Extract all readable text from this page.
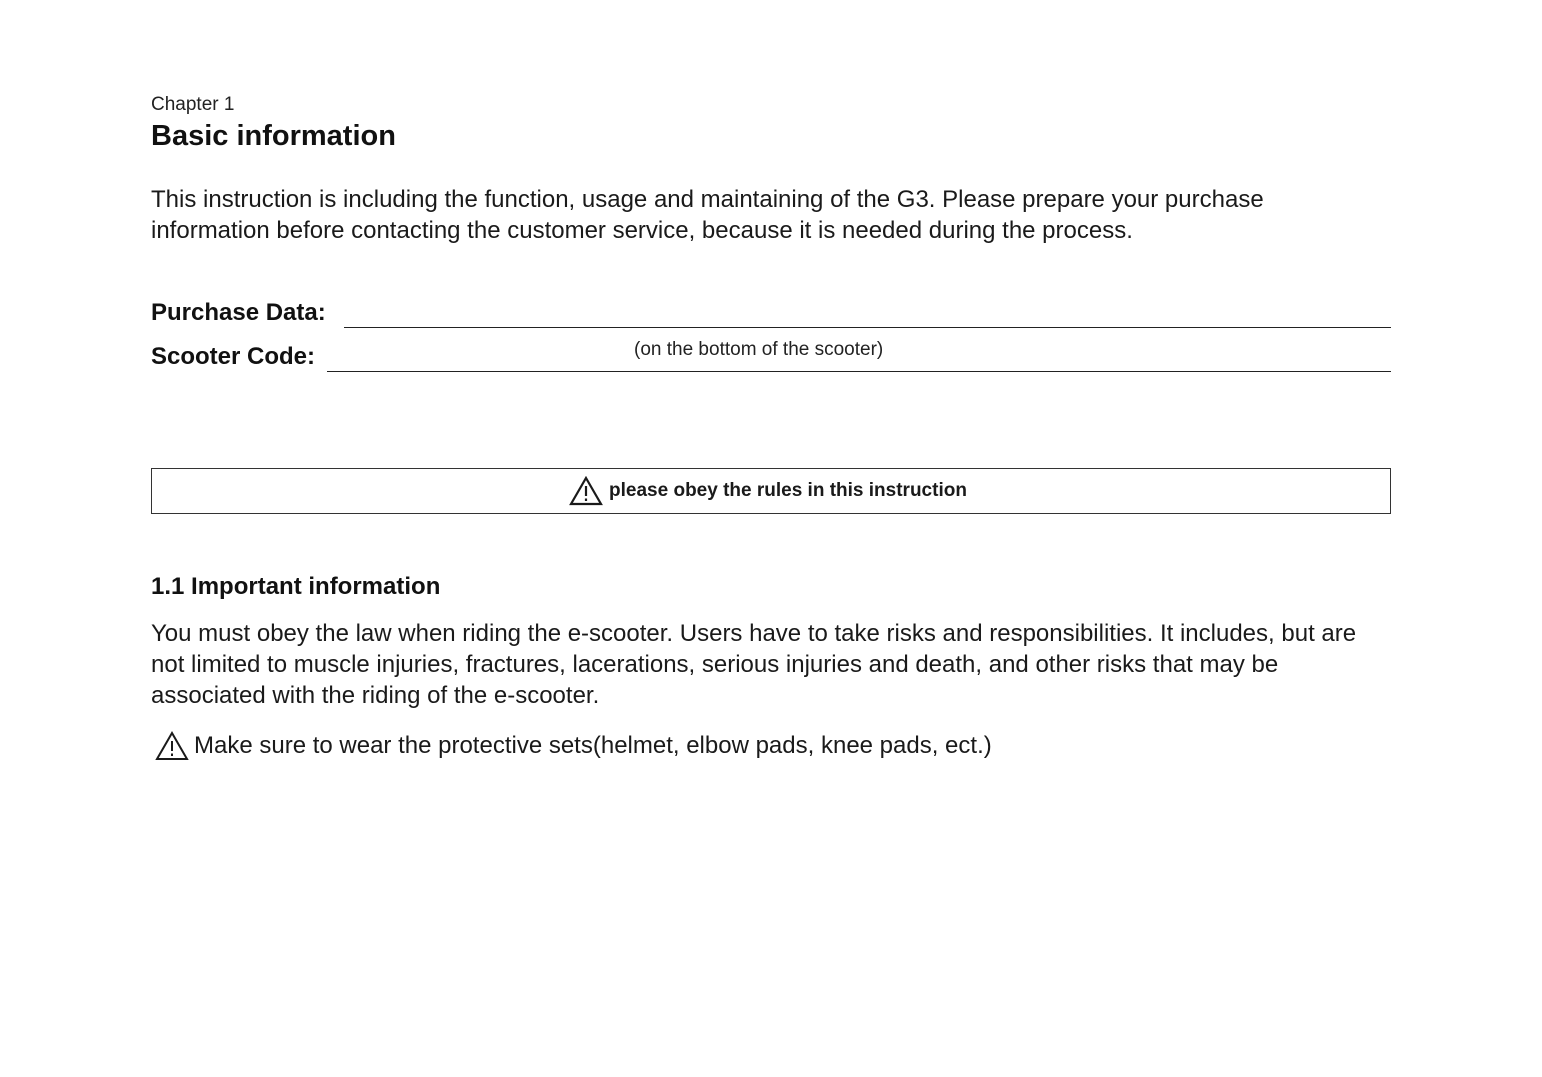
Chapter 1
Basic information

This instruction is including the function, usage and maintaining of the G3. Please prepare your purchase information before contacting the customer service, because it is needed during the process.

Purchase Data:
Scooter Code:	(on the bottom of the scooter)
please obey the rules in this instruction
1.1 Important information

You must obey the law when riding the e-scooter. Users have to take risks and responsibilities. It includes, but are not limited to muscle injuries, fractures, lacerations, serious injuries and death, and other risks that may be associated with the riding of the e-scooter.

Make sure to wear the protective sets(helmet, elbow pads, knee pads, ect.)
